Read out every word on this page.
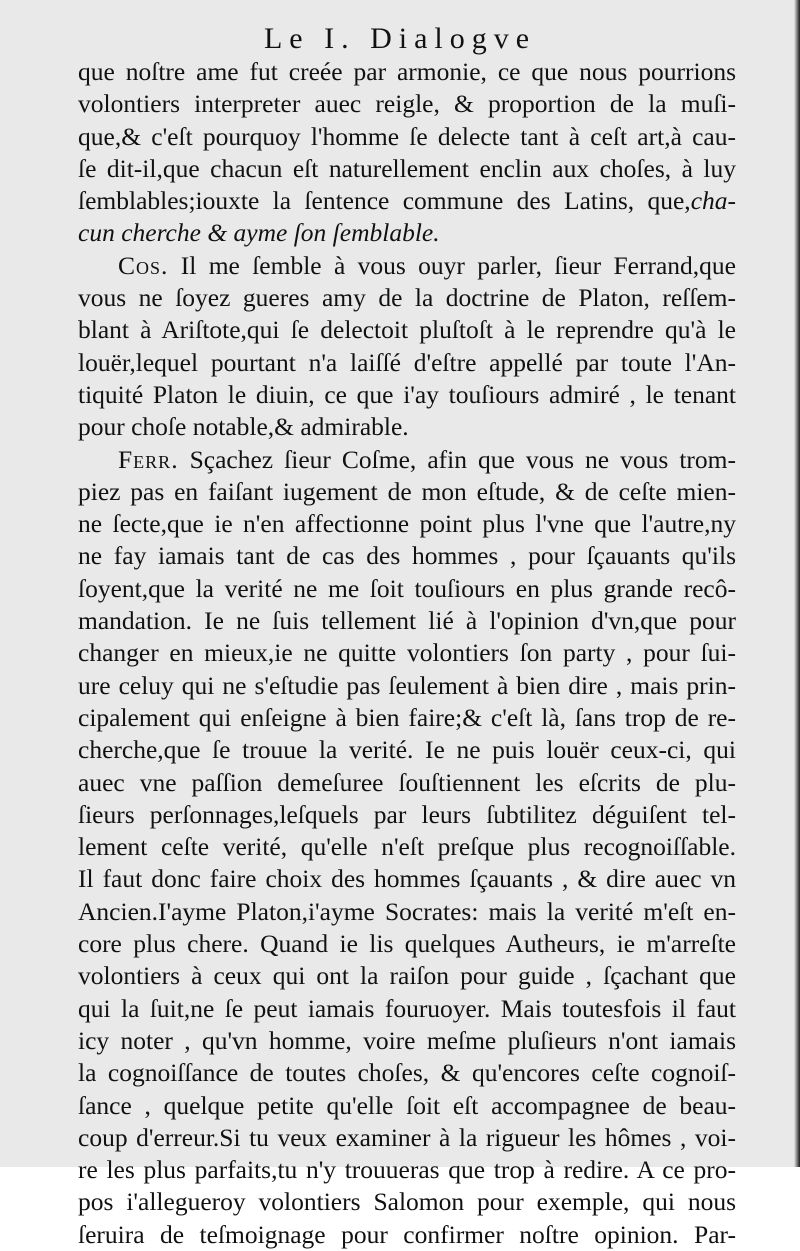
Le I. Dialogve
que noſtre ame fut creée par armonie, ce que nous pourrions
volontiers interpreter auec reigle, & proportion de la muſi-
que,& c'eſt pourquoy l'homme ſe delecte tant à ceſt art,à cau-
ſe dit-il,que chacun eſt naturellement enclin aux choſes, à luy
ſemblables;iouxte la ſentence commune des Latins, que,cha-
cun cherche & ayme ſon ſemblable.
Cos. Il me ſemble à vous ouyr parler, ſieur Ferrand,que
vous ne ſoyez gueres amy de la doctrine de Platon, reſſem-
blant à Ariſtote,qui ſe delectoit pluſtoſt à le reprendre qu'à le
louër,lequel pourtant n'a laiſſé d'eſtre appellé par toute l'An-
tiquité Platon le diuin, ce que i'ay touſiours admiré , le tenant
pour choſe notable,& admirable.
Ferr. Sçachez ſieur Coſme, afin que vous ne vous trom-
piez pas en faiſant iugement de mon eſtude, & de ceſte mien-
ne ſecte,que ie n'en affectionne point plus l'vne que l'autre,ny
ne fay iamais tant de cas des hommes , pour ſçauants qu'ils
ſoyent,que la verité ne me ſoit touſiours en plus grande recô-
mandation. Ie ne ſuis tellement lié à l'opinion d'vn,que pour
changer en mieux,ie ne quitte volontiers ſon party , pour ſui-
ure celuy qui ne s'eſtudie pas ſeulement à bien dire , mais prin-
cipalement qui enſeigne à bien faire;& c'eſt là, ſans trop de re-
cherche,que ſe trouue la verité. Ie ne puis louër ceux-ci, qui
auec vne paſſion demeſuree ſouſtiennent les eſcrits de plu-
ſieurs perſonnages,leſquels par leurs ſubtilitez déguiſent tel-
lement ceſte verité, qu'elle n'eſt preſque plus recognoiſſable.
Il faut donc faire choix des hommes ſçauants , & dire auec vn
Ancien.I'ayme Platon,i'ayme Socrates: mais la verité m'eſt en-
core plus chere. Quand ie lis quelques Autheurs, ie m'arreſte
volontiers à ceux qui ont la raiſon pour guide , ſçachant que
qui la ſuit,ne ſe peut iamais fouruoyer. Mais toutesfois il faut
icy noter , qu'vn homme, voire meſme pluſieurs n'ont iamais
la cognoiſſance de toutes choſes, & qu'encores ceſte cognoiſ-
ſance , quelque petite qu'elle ſoit eſt accompagnee de beau-
coup d'erreur.Si tu veux examiner à la rigueur les hômes , voi-
re les plus parfaits,tu n'y trouueras que trop à redire. A ce pro-
pos i'allegueroy volontiers Salomon pour exemple, qui nous
ſeruira de teſmoignage pour confirmer noſtre opinion. Par-
